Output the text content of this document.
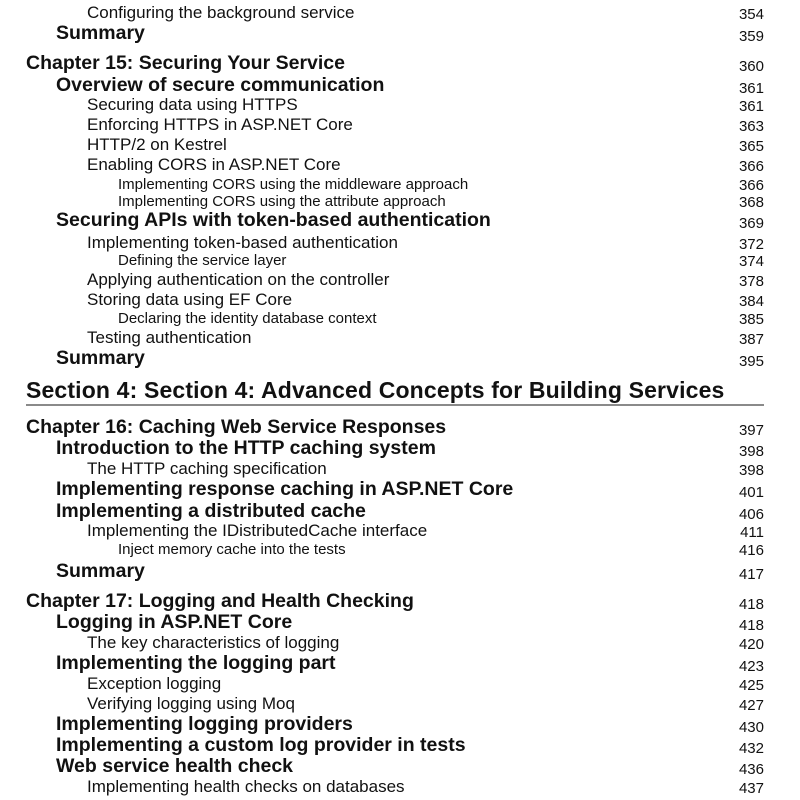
Configuring the background service	354
Summary	359
Chapter 15: Securing Your Service	360
Overview of secure communication	361
Securing data using HTTPS	361
Enforcing HTTPS in ASP.NET Core	363
HTTP/2 on Kestrel	365
Enabling CORS in ASP.NET Core	366
Implementing CORS using the middleware approach	366
Implementing CORS using the attribute approach	368
Securing APIs with token-based authentication	369
Implementing token-based authentication	372
Defining the service layer	374
Applying authentication on the controller	378
Storing data using EF Core	384
Declaring the identity database context	385
Testing authentication	387
Summary	395
Section 4: Section 4: Advanced Concepts for Building Services
Chapter 16: Caching Web Service Responses	397
Introduction to the HTTP caching system	398
The HTTP caching specification	398
Implementing response caching in ASP.NET Core	401
Implementing a distributed cache	406
Implementing the IDistributedCache interface	411
Inject memory cache into the tests	416
Summary	417
Chapter 17: Logging and Health Checking	418
Logging in ASP.NET Core	418
The key characteristics of logging	420
Implementing the logging part	423
Exception logging	425
Verifying logging using Moq	427
Implementing logging providers	430
Implementing a custom log provider in tests	432
Web service health check	436
Implementing health checks on databases	437
